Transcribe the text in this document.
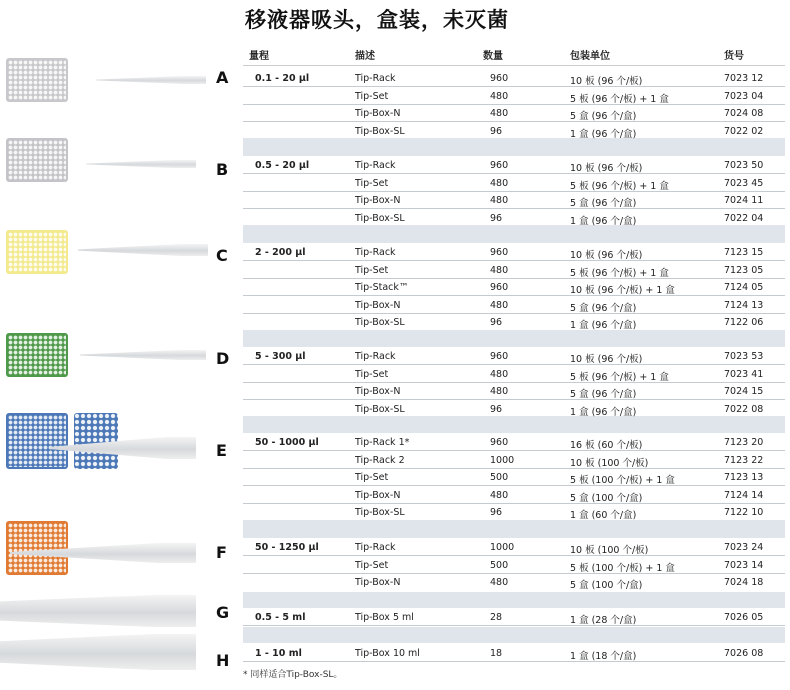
移液器吸头，盒装，未灭菌
量程	描述	数量	包装单位	货号
0.1 - 20 µl	Tip-Rack	960	10 板 (96 个/板)	7023 12
Tip-Set	480	5 板 (96 个/板) + 1 盒	7023 04
Tip-Box-N	480	5 盒 (96 个/盒)	7024 08
Tip-Box-SL	96	1 盒 (96 个/盒)	7022 02
A
0.5 - 20 µl	Tip-Rack	960	10 板 (96 个/板)	7023 50
Tip-Set	480	5 板 (96 个/板) + 1 盒	7023 45
Tip-Box-N	480	5 盒 (96 个/盒)	7024 11
Tip-Box-SL	96	1 盒 (96 个/盒)	7022 04
B
2 - 200 µl	Tip-Rack	960	10 板 (96 个/板)	7123 15
Tip-Set	480	5 板 (96 个/板) + 1 盒	7123 05
Tip-Stack™	960	10 板 (96 个/板) + 1 盒	7124 05
Tip-Box-N	480	5 盒 (96 个/盒)	7124 13
Tip-Box-SL	96	1 盒 (96 个/盒)	7122 06
C
5 - 300 µl	Tip-Rack	960	10 板 (96 个/板)	7023 53
Tip-Set	480	5 板 (96 个/板) + 1 盒	7023 41
Tip-Box-N	480	5 盒 (96 个/盒)	7024 15
Tip-Box-SL	96	1 盒 (96 个/盒)	7022 08
D
50 - 1000 µl	Tip-Rack 1*	960	16 板 (60 个/板)	7123 20
Tip-Rack 2	1000	10 板 (100 个/板)	7123 22
Tip-Set	500	5 板 (100 个/板) + 1 盒	7123 13
Tip-Box-N	480	5 盒 (100 个/盒)	7124 14
Tip-Box-SL	96	1 盒 (60 个/盒)	7122 10
E
50 - 1250 µl	Tip-Rack	1000	10 板 (100 个/板)	7023 24
Tip-Set	500	5 板 (100 个/板) + 1 盒	7023 14
Tip-Box-N	480	5 盒 (100 个/盒)	7024 18
F
0.5 - 5 ml	Tip-Box 5 ml	28	1 盒 (28 个/盒)	7026 05
G
1 - 10 ml	Tip-Box 10 ml	18	1 盒 (18 个/盒)	7026 08
H
* 同样适合Tip-Box-SL。
